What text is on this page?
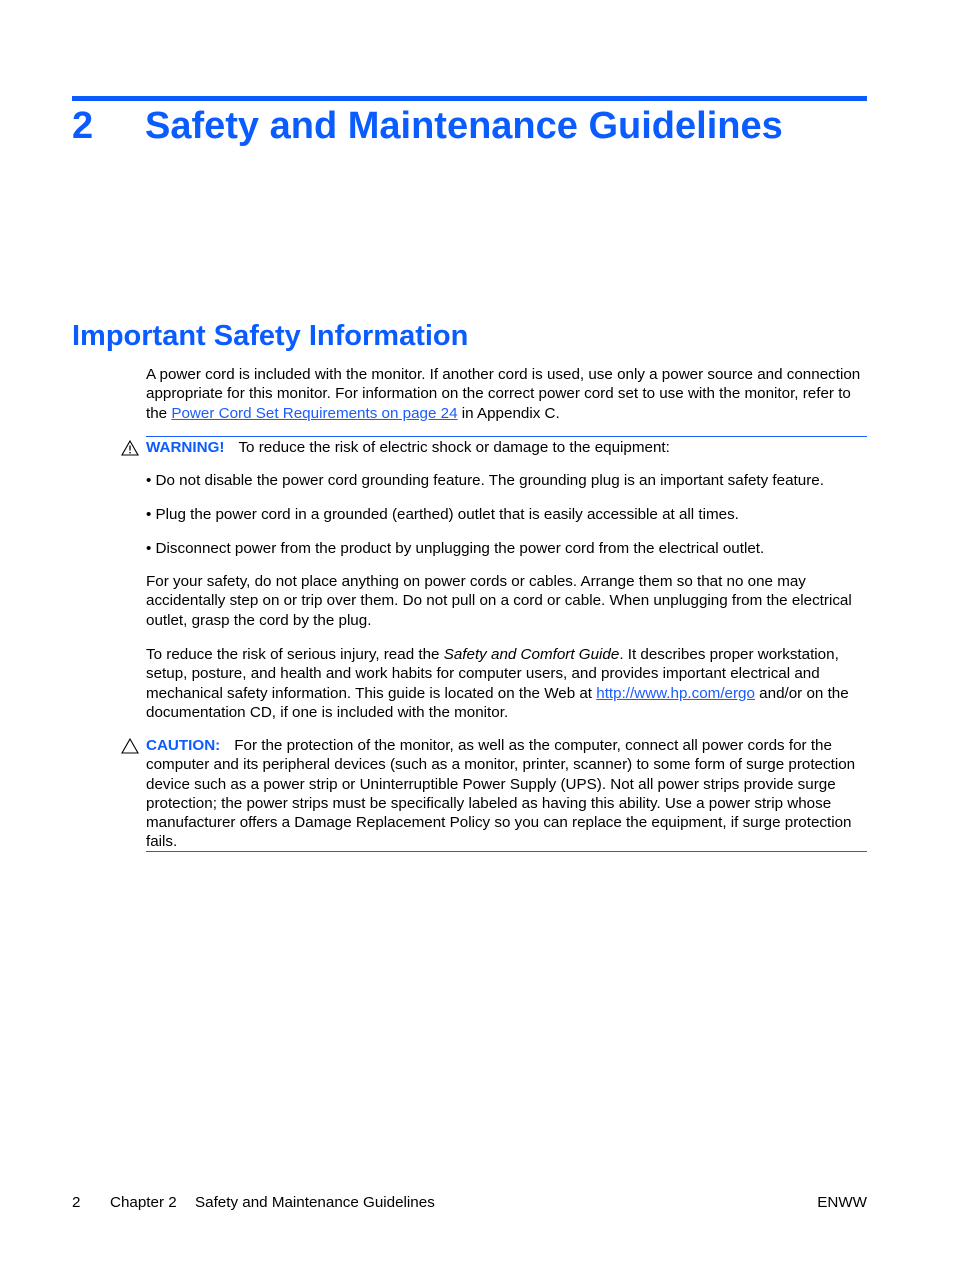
2 Safety and Maintenance Guidelines
Important Safety Information

A power cord is included with the monitor. If another cord is used, use only a power source and connection appropriate for this monitor. For information on the correct power cord set to use with the monitor, refer to the Power Cord Set Requirements on page 24 in Appendix C.

WARNING! To reduce the risk of electric shock or damage to the equipment:

• Do not disable the power cord grounding feature. The grounding plug is an important safety feature.
• Plug the power cord in a grounded (earthed) outlet that is easily accessible at all times.
• Disconnect power from the product by unplugging the power cord from the electrical outlet.
For your safety, do not place anything on power cords or cables. Arrange them so that no one may accidentally step on or trip over them. Do not pull on a cord or cable. When unplugging from the electrical outlet, grasp the cord by the plug.

To reduce the risk of serious injury, read the Safety and Comfort Guide. It describes proper workstation, setup, posture, and health and work habits for computer users, and provides important electrical and mechanical safety information. This guide is located on the Web at http://www.hp.com/ergo and/or on the documentation CD, if one is included with the monitor.

CAUTION: For the protection of the monitor, as well as the computer, connect all power cords for the computer and its peripheral devices (such as a monitor, printer, scanner) to some form of surge protection device such as a power strip or Uninterruptible Power Supply (UPS). Not all power strips provide surge protection; the power strips must be specifically labeled as having this ability. Use a power strip whose manufacturer offers a Damage Replacement Policy so you can replace the equipment, if surge protection fails.

2 Chapter 2 Safety and Maintenance Guidelines	ENWW
